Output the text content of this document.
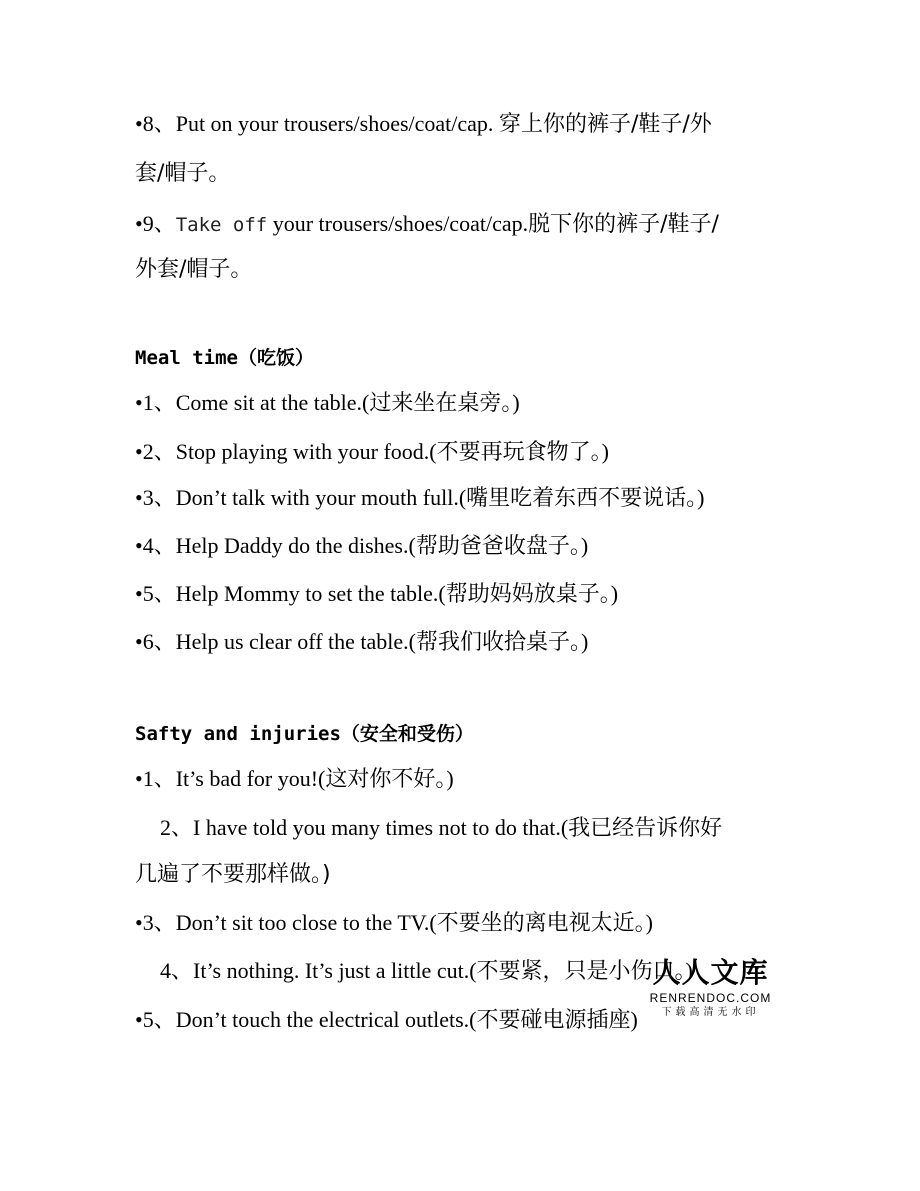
•8、Put on your trousers/shoes/coat/cap. 穿上你的裤子/鞋子/外
套/帽子。
•9、Take off your trousers/shoes/coat/cap.脱下你的裤子/鞋子/
外套/帽子。
Meal time（吃饭）
•1、Come sit at the table.(过来坐在桌旁。)
•2、Stop playing with your food.(不要再玩食物了。)
•3、Don’t talk with your mouth full.(嘴里吃着东西不要说话。)
•4、Help Daddy do the dishes.(帮助爸爸收盘子。)
•5、Help Mommy to set the table.(帮助妈妈放桌子。)
•6、Help us clear off the table.(帮我们收拾桌子。)
Safty and injuries（安全和受伤）
•1、It’s bad for you!(这对你不好。)
2、I have told you many times not to do that.(我已经告诉你好
几遍了不要那样做。)
•3、Don’t sit too close to the TV.(不要坐的离电视太近。)
4、It’s nothing. It’s just a little cut.(不要紧，只是小伤口。)
•5、Don’t touch the electrical outlets.(不要碰电源插座)
人人文库
RENRENDOC.COM
下载高清无水印
